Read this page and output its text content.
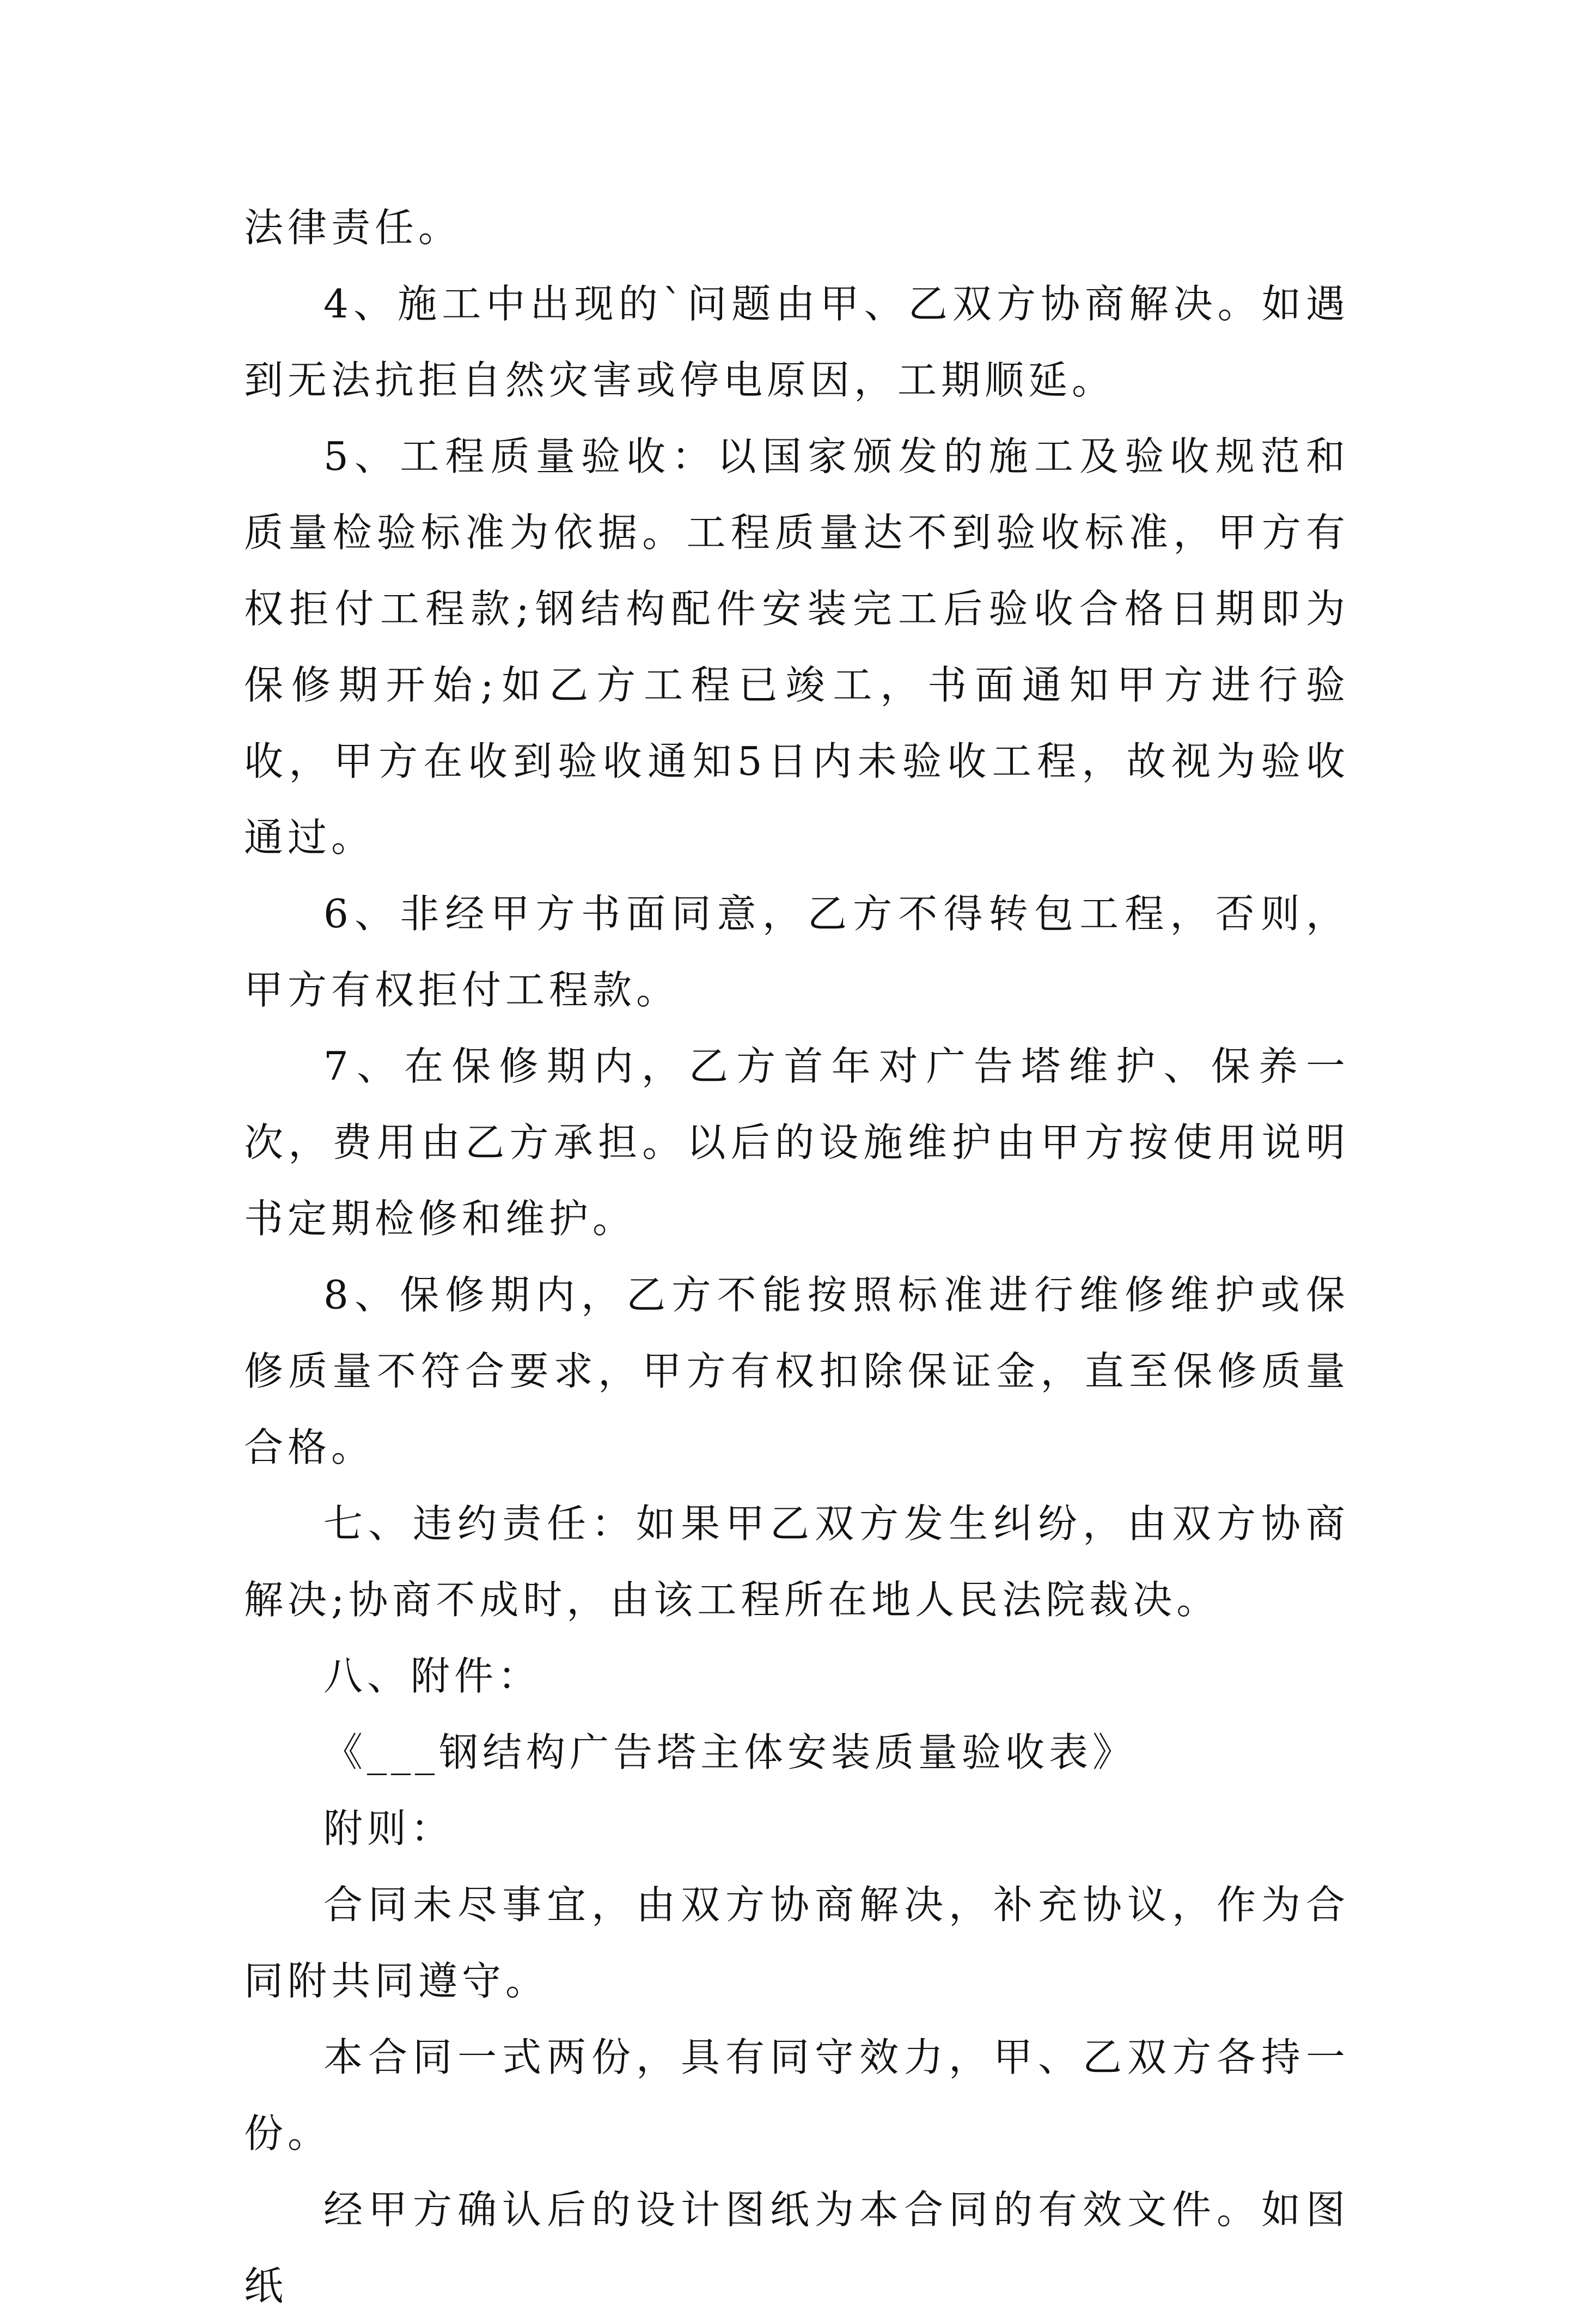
法律责任。

4、施工中出现的`问题由甲、乙双方协商解决。如遇到无法抗拒自然灾害或停电原因，工期顺延。

5、工程质量验收：以国家颁发的施工及验收规范和质量检验标准为依据。工程质量达不到验收标准，甲方有权拒付工程款;钢结构配件安装完工后验收合格日期即为保修期开始;如乙方工程已竣工，书面通知甲方进行验收，甲方在收到验收通知5日内未验收工程，故视为验收通过。

6、非经甲方书面同意，乙方不得转包工程，否则，甲方有权拒付工程款。

7、在保修期内，乙方首年对广告塔维护、保养一次，费用由乙方承担。以后的设施维护由甲方按使用说明书定期检修和维护。

8、保修期内，乙方不能按照标准进行维修维护或保修质量不符合要求，甲方有权扣除保证金，直至保修质量合格。

七、违约责任：如果甲乙双方发生纠纷，由双方协商解决;协商不成时，由该工程所在地人民法院裁决。

八、附件：

《___钢结构广告塔主体安装质量验收表》

附则：

合同未尽事宜，由双方协商解决，补充协议，作为合同附共同遵守。

本合同一式两份，具有同守效力，甲、乙双方各持一份。

经甲方确认后的设计图纸为本合同的有效文件。如图纸
